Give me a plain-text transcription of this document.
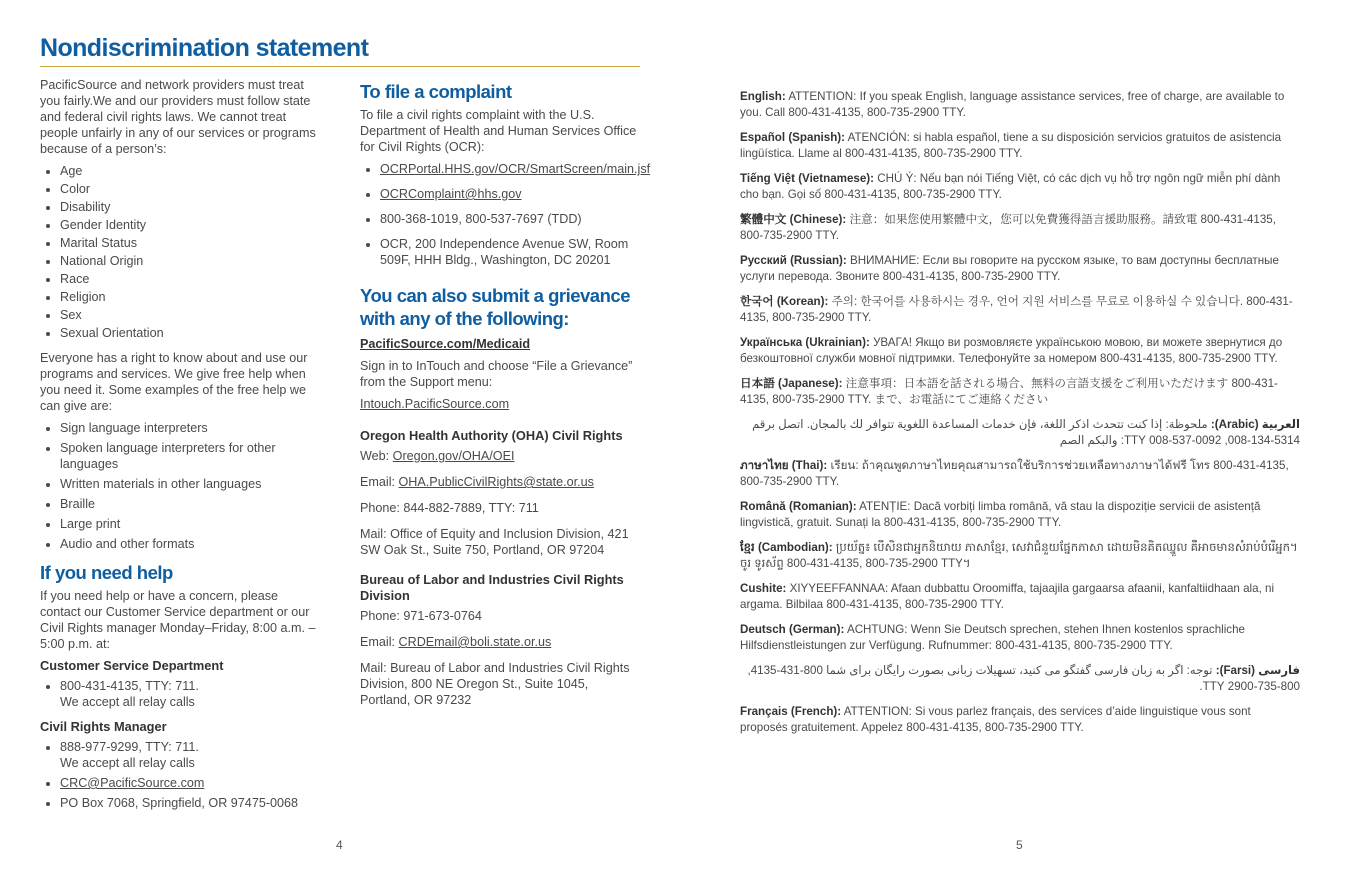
Nondiscrimination statement

PacificSource and network providers must treat you fairly.We and our providers must follow state and federal civil rights laws. We cannot treat people unfairly in any of our services or programs because of a person’s:

• Age
• Color
• Disability
• Gender Identity
• Marital Status
• National Origin
• Race
• Religion
• Sex
• Sexual Orientation

Everyone has a right to know about and use our programs and services. We give free help when you need it. Some examples of the free help we can give are:

• Sign language interpreters
• Spoken language interpreters for other languages
• Written materials in other languages
• Braille
• Large print
• Audio and other formats
If you need help

If you need help or have a concern, please contact our Customer Service department or our Civil Rights manager Monday–Friday, 8:00 a.m. – 5:00 p.m. at:

Customer Service Department
• 800-431-4135, TTY: 711.
We accept all relay calls
Civil Rights Manager
• 888-977-9299, TTY: 711.
We accept all relay calls
• CRC@PacificSource.com
• PO Box 7068, Springfield, OR 97475-0068
To file a complaint

To file a civil rights complaint with the U.S. Department of Health and Human Services Office for Civil Rights (OCR):

• OCRPortal.HHS.gov/OCR/SmartScreen/main.jsf
• OCRComplaint@hhs.gov
• 800-368-1019, 800-537-7697 (TDD)
• OCR, 200 Independence Avenue SW, Room 509F, HHH Bldg., Washington, DC 20201
You can also submit a grievance with any of the following:

PacificSource.com/Medicaid

Sign in to InTouch and choose “File a Grievance” from the Support menu:

Intouch.PacificSource.com

Oregon Health Authority (OHA) Civil Rights

Web: Oregon.gov/OHA/OEI

Email: OHA.PublicCivilRights@state.or.us

Phone: 844-882-7889, TTY: 711

Mail: Office of Equity and Inclusion Division, 421 SW Oak St., Suite 750, Portland, OR 97204

Bureau of Labor and Industries Civil Rights Division

Phone: 971-673-0764

Email: CRDEmail@boli.state.or.us

Mail: Bureau of Labor and Industries Civil Rights Division, 800 NE Oregon St., Suite 1045, Portland, OR 97232

4

English: ATTENTION: If you speak English, language assistance services, free of charge, are available to you. Call 800-431-4135, 800-735-2900 TTY.

Español (Spanish): ATENCIÓN: si habla español, tiene a su disposición servicios gratuitos de asistencia lingüística. Llame al 800-431-4135, 800-735-2900 TTY.

Tiếng Việt (Vietnamese): CHÚ Ý: Nếu bạn nói Tiếng Việt, có các dịch vụ hỗ trợ ngôn ngữ miễn phí dành cho bạn. Gọi số 800-431-4135, 800-735-2900 TTY.

繁體中文 (Chinese): 注意：如果您使用繁體中文，您可以免費獲得語言援助服務。請致電 800-431-4135, 800-735-2900 TTY.

Русский (Russian): ВНИМАНИЕ: Если вы говорите на русском языке, то вам доступны бесплатные услуги перевода. Звоните 800-431-4135, 800-735-2900 TTY.

한국어 (Korean): 주의: 한국어를 사용하시는 경우, 언어 지원 서비스를 무료로 이용하실 수 있습니다. 800-431-4135, 800-735-2900 TTY.

Українська (Ukrainian): УВАГА! Якщо ви розмовляєте українською мовою, ви можете звернутися до безкоштовної служби мовної підтримки. Телефонуйте за номером 800-431-4135, 800-735-2900 TTY.

日本語 (Japanese): 注意事項：日本語を話される場合、無料の言語支援をご利用いただけます 800-431-4135, 800-735-2900 TTY. まで、お電話にてご連絡ください

العربية (Arabic): ملحوظة: إذا كنت تتحدث اذكر اللغة، فإن خدمات المساعدة اللغوية تتوافر لك بالمجان. اتصل برقم 5314-134-008, 0092-537-008 TTY: والبكم الصم

ภาษาไทย (Thai): เรียน: ถ้าคุณพูดภาษาไทยคุณสามารถใช้บริการช่วยเหลือทางภาษาได้ฟรี โทร 800-431-4135, 800-735-2900 TTY.

Română (Romanian): ATENȚIE: Dacă vorbiți limba română, vă stau la dispoziție servicii de asistență lingvistică, gratuit. Sunați la 800-431-4135, 800-735-2900 TTY.

ខ្មែរ (Cambodian): ប្រយ័ត្ន៖ បើសិនជាអ្នកនិយាយ ភាសាខ្មែរ, សេវាជំនួយផ្នែកភាសា ដោយមិនគិតឈ្នួល គឺអាចមានសំរាប់បំរើអ្នក។ ចូរ ទូរស័ព្ទ 800-431-4135, 800-735-2900 TTY។

Cushite: XIYYEEFFANNAA: Afaan dubbattu Oroomiffa, tajaajila gargaarsa afaanii, kanfaltiidhaan ala, ni argama. Bilbilaa 800-431-4135, 800-735-2900 TTY.

Deutsch (German): ACHTUNG: Wenn Sie Deutsch sprechen, stehen Ihnen kostenlos sprachliche Hilfsdienstleistungen zur Verfügung. Rufnummer: 800-431-4135, 800-735-2900 TTY.

فارسی (Farsi): توجه: اگر به زبان فارسی گفتگو می کنید، تسهیلات زبانی بصورت رایگان برای شما 800-431-4135, 800-735-2900 TTY.

Français (French): ATTENTION: Si vous parlez français, des services d’aide linguistique vous sont proposés gratuitement. Appelez 800-431-4135, 800-735-2900 TTY.

5
